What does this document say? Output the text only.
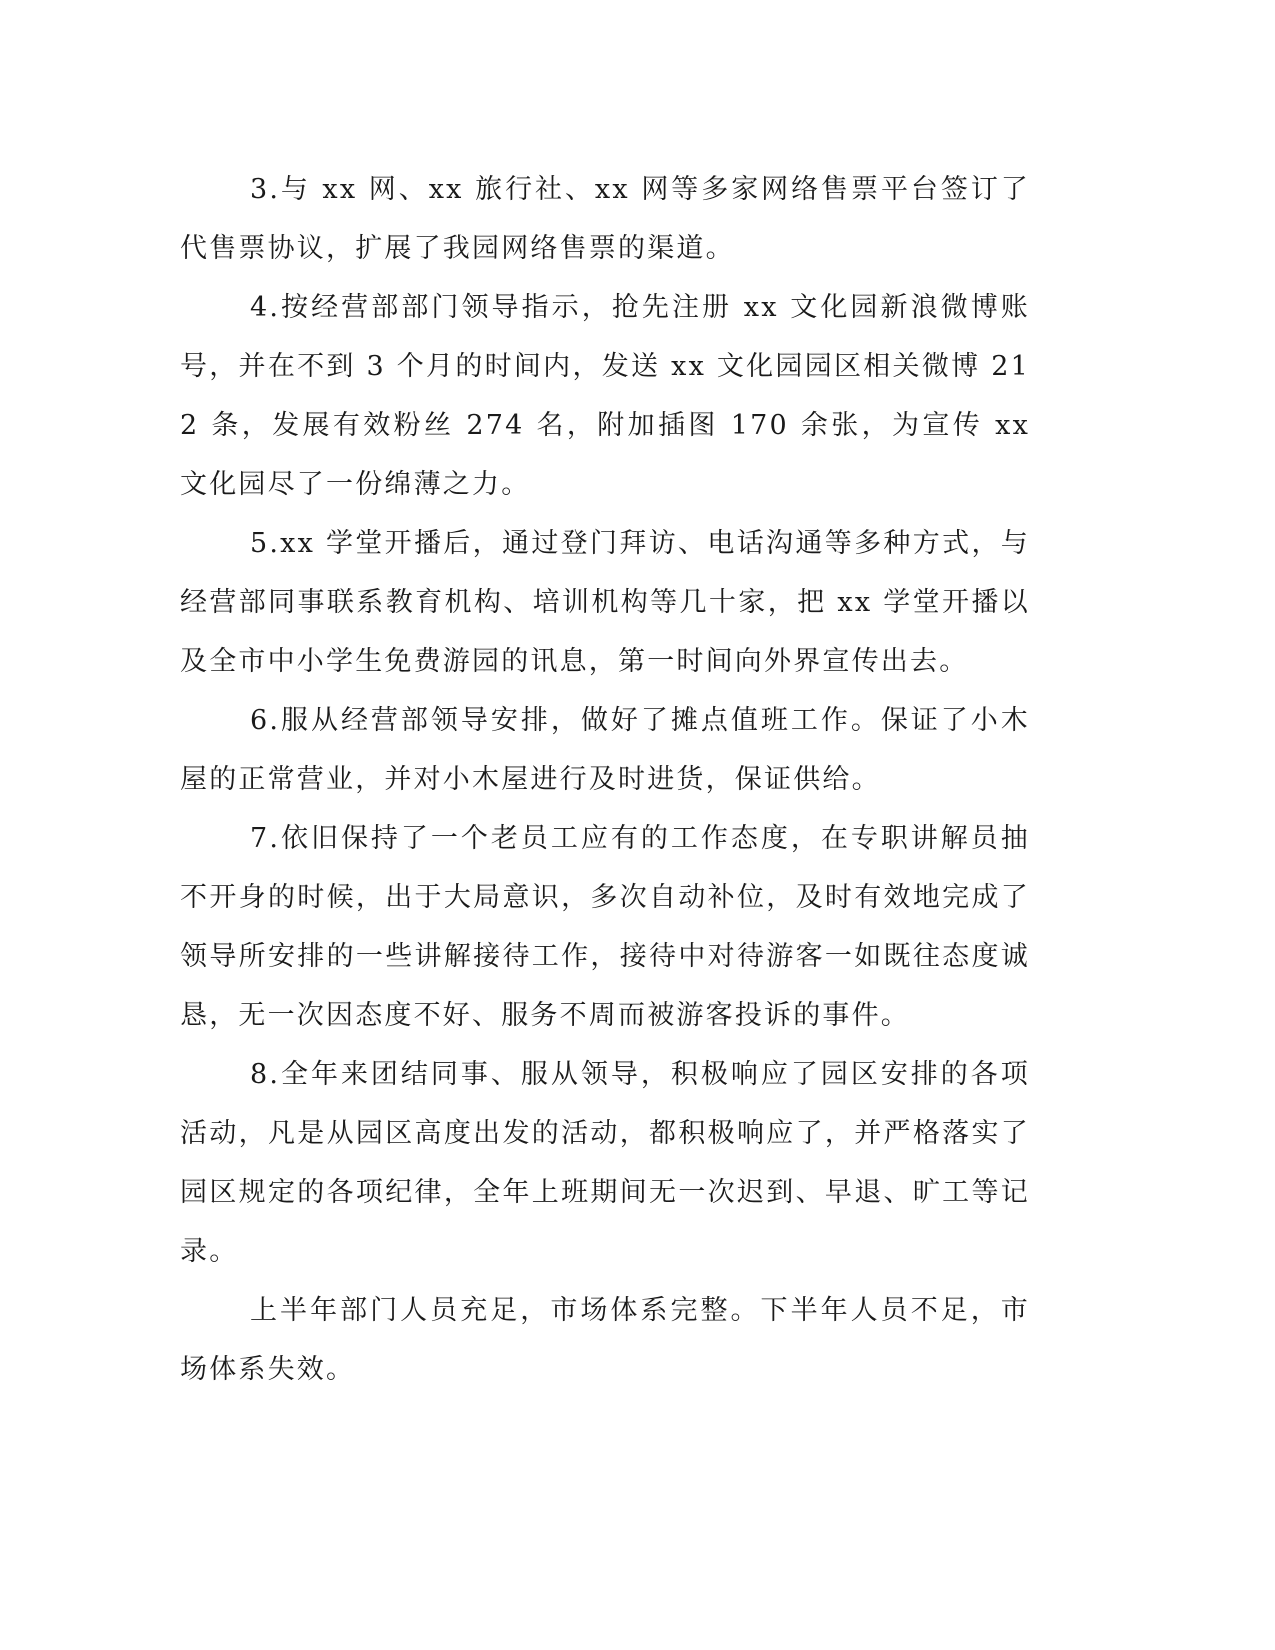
3.与 xx 网、xx 旅行社、xx 网等多家网络售票平台签订了代售票协议，扩展了我园网络售票的渠道。

4.按经营部部门领导指示，抢先注册 xx 文化园新浪微博账号，并在不到 3 个月的时间内，发送 xx 文化园园区相关微博 212 条，发展有效粉丝 274 名，附加插图 170 余张，为宣传 xx 文化园尽了一份绵薄之力。

5.xx 学堂开播后，通过登门拜访、电话沟通等多种方式，与经营部同事联系教育机构、培训机构等几十家，把 xx 学堂开播以及全市中小学生免费游园的讯息，第一时间向外界宣传出去。

6.服从经营部领导安排，做好了摊点值班工作。保证了小木屋的正常营业，并对小木屋进行及时进货，保证供给。

7.依旧保持了一个老员工应有的工作态度，在专职讲解员抽不开身的时候，出于大局意识，多次自动补位，及时有效地完成了领导所安排的一些讲解接待工作，接待中对待游客一如既往态度诚恳，无一次因态度不好、服务不周而被游客投诉的事件。

8.全年来团结同事、服从领导，积极响应了园区安排的各项活动，凡是从园区高度出发的活动，都积极响应了，并严格落实了园区规定的各项纪律，全年上班期间无一次迟到、早退、旷工等记录。

上半年部门人员充足，市场体系完整。下半年人员不足，市场体系失效。
